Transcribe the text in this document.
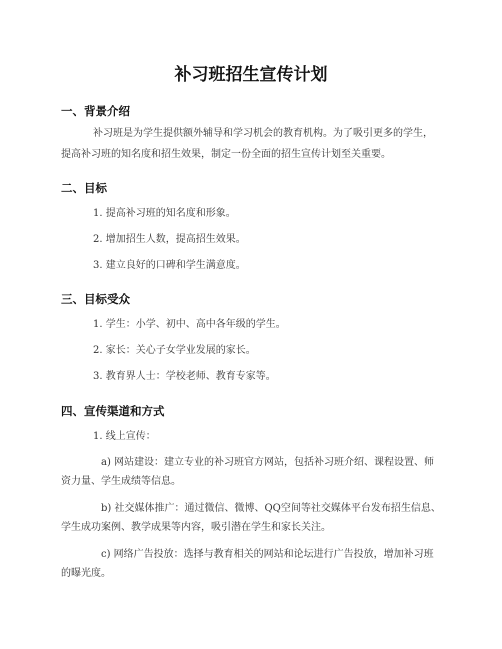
补习班招生宣传计划
一、背景介绍
补习班是为学生提供额外辅导和学习机会的教育机构。为了吸引更多的学生，
提高补习班的知名度和招生效果，制定一份全面的招生宣传计划至关重要。
二、目标
1. 提高补习班的知名度和形象。
2. 增加招生人数，提高招生效果。
3. 建立良好的口碑和学生满意度。
三、目标受众
1. 学生：小学、初中、高中各年级的学生。
2. 家长：关心子女学业发展的家长。
3. 教育界人士：学校老师、教育专家等。
四、宣传渠道和方式
1. 线上宣传：
a) 网站建设：建立专业的补习班官方网站，包括补习班介绍、课程设置、师
资力量、学生成绩等信息。
b) 社交媒体推广：通过微信、微博、QQ空间等社交媒体平台发布招生信息、
学生成功案例、教学成果等内容，吸引潜在学生和家长关注。
c) 网络广告投放：选择与教育相关的网站和论坛进行广告投放，增加补习班
的曝光度。
